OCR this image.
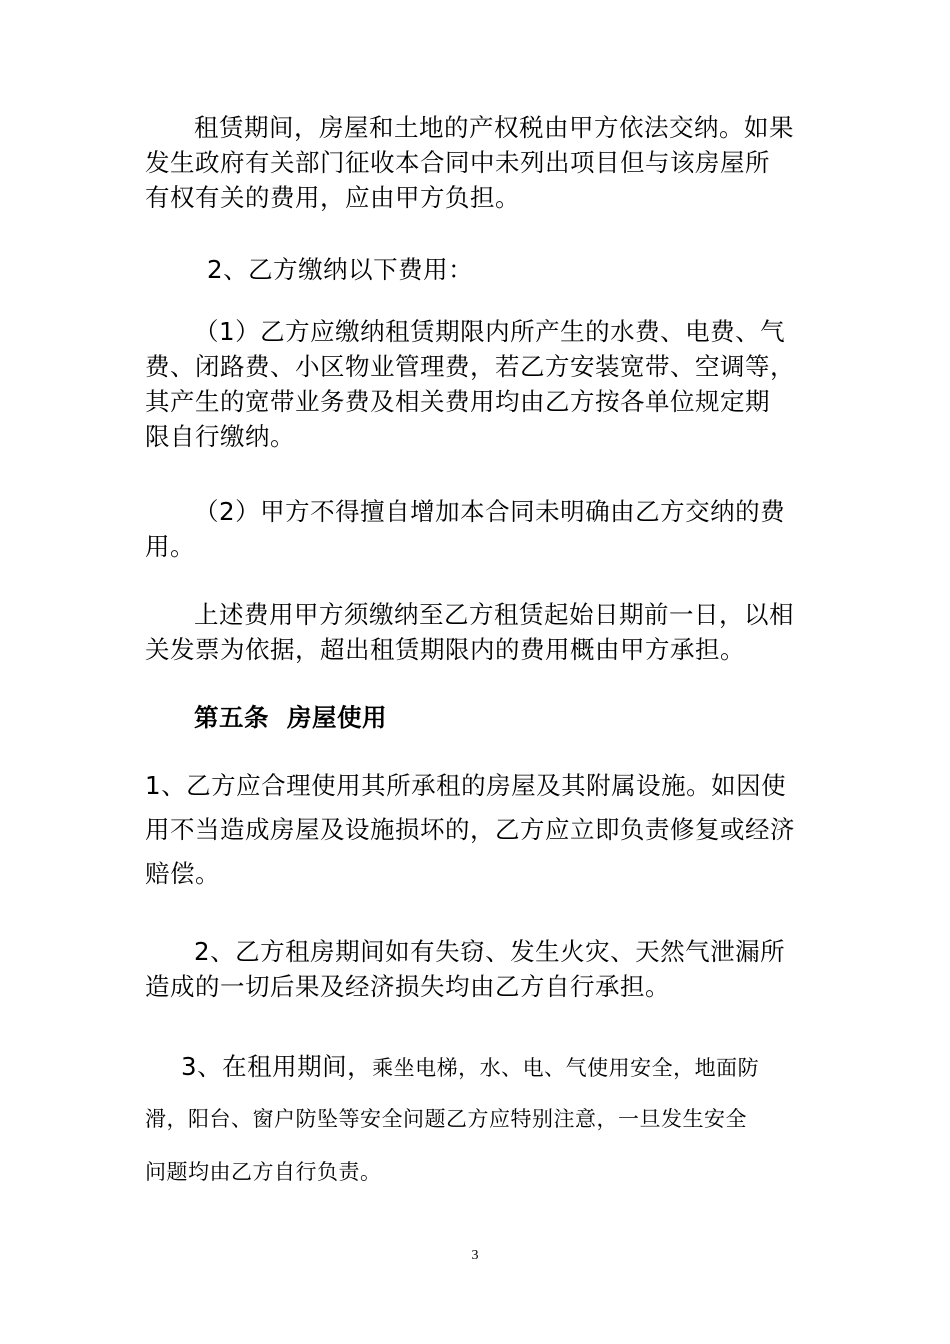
租赁期间，房屋和土地的产权税由甲方依法交纳。如果
发生政府有关部门征收本合同中未列出项目但与该房屋所
有权有关的费用，应由甲方负担。
2、乙方缴纳以下费用：
（1）乙方应缴纳租赁期限内所产生的水费、电费、气
费、闭路费、小区物业管理费，若乙方安装宽带、空调等，
其产生的宽带业务费及相关费用均由乙方按各单位规定期
限自行缴纳。
（2）甲方不得擅自增加本合同未明确由乙方交纳的费
用。
上述费用甲方须缴纳至乙方租赁起始日期前一日，以相
关发票为依据，超出租赁期限内的费用概由甲方承担。
第五条  房屋使用
1、乙方应合理使用其所承租的房屋及其附属设施。如因使
用不当造成房屋及设施损坏的，乙方应立即负责修复或经济
赔偿。
2、乙方租房期间如有失窃、发生火灾、天然气泄漏所
造成的一切后果及经济损失均由乙方自行承担。
3、在租用期间，乘坐电梯，水、电、气使用安全，地面防
滑，阳台、窗户防坠等安全问题乙方应特别注意，一旦发生安全
问题均由乙方自行负责。
3
